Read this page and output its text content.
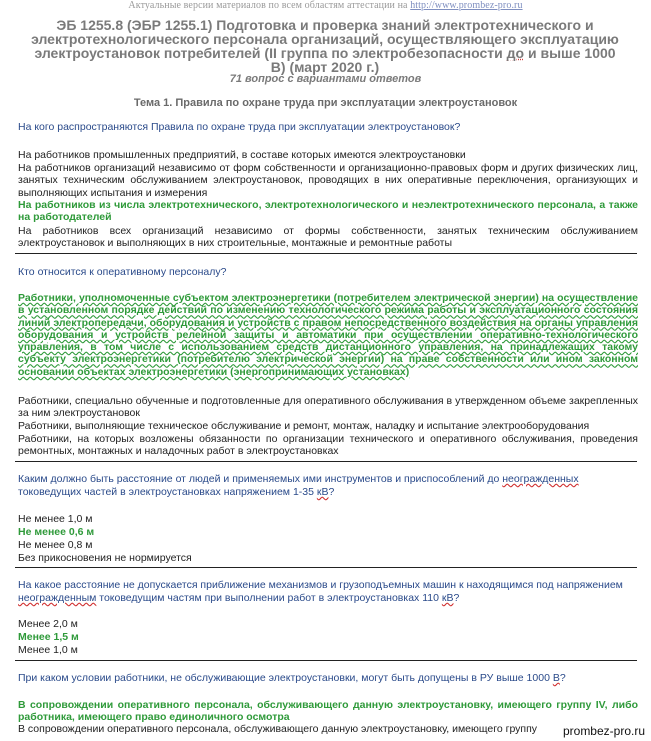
Актуальные версии материалов по всем областям аттестации на http://www.prombez-pro.ru
ЭБ 1255.8 (ЭБР 1255.1) Подготовка и проверка знаний электротехнического и электротехнологического персонала организаций, осуществляющего эксплуатацию электроустановок потребителей (II группа по электробезопасности до и выше 1000 В) (март 2020 г.)
71 вопрос с вариантами ответов
Тема 1. Правила по охране труда при эксплуатации электроустановок
На кого распространяются Правила по охране труда при эксплуатации электроустановок?
На работников промышленных предприятий, в составе которых имеются электроустановки
На работников организаций независимо от форм собственности и организационно-правовых форм и других физических лиц, занятых техническим обслуживанием электроустановок, проводящих в них оперативные переключения, организующих и выполняющих испытания и измерения
На работников из числа электротехнического, электротехнологического и неэлектротехнического персонала, а также на работодателей
На работников всех организаций независимо от формы собственности, занятых техническим обслуживанием электроустановок и выполняющих в них строительные, монтажные и ремонтные работы
Кто относится к оперативному персоналу?
Работники, уполномоченные субъектом электроэнергетики (потребителем электрической энергии) на осуществление в установленном порядке действий по изменению технологического режима работы и эксплуатационного состояния линий электропередачи, оборудования и устройств с правом непосредственного воздействия на органы управления оборудования и устройств релейной защиты и автоматики при осуществлении оперативно-технологического управления, в том числе с использованием средств дистанционного управления, на принадлежащих такому субъекту электроэнергетики (потребителю электрической энергии) на праве собственности или ином законном основании объектах электроэнергетики (энергопринимающих установках)
Работники, специально обученные и подготовленные для оперативного обслуживания в утвержденном объеме закрепленных за ним электроустановок
Работники, выполняющие техническое обслуживание и ремонт, монтаж, наладку и испытание электрооборудования
Работники, на которых возложены обязанности по организации технического и оперативного обслуживания, проведения ремонтных, монтажных и наладочных работ в электроустановках
Каким должно быть расстояние от людей и применяемых ими инструментов и приспособлений до неогражденных токоведущих частей в электроустановках напряжением 1-35 кВ?
Не менее 1,0 м
Не менее 0,6 м
Не менее 0,8 м
Без прикосновения не нормируется
На какое расстояние не допускается приближение механизмов и грузоподъемных машин к находящимся под напряжением неогражденным токоведущим частям при выполнении работ в электроустановках 110 кВ?
Менее 2,0 м
Менее 1,5 м
Менее 1,0 м
При каком условии работники, не обслуживающие электроустановки, могут быть допущены в РУ выше 1000 В?
В сопровождении оперативного персонала, обслуживающего данную электроустановку, имеющего группу IV, либо работника, имеющего право единоличного осмотра
В сопровождении оперативного персонала, обслуживающего данную электроустановку, имеющего группу	prombez-pro.ru
